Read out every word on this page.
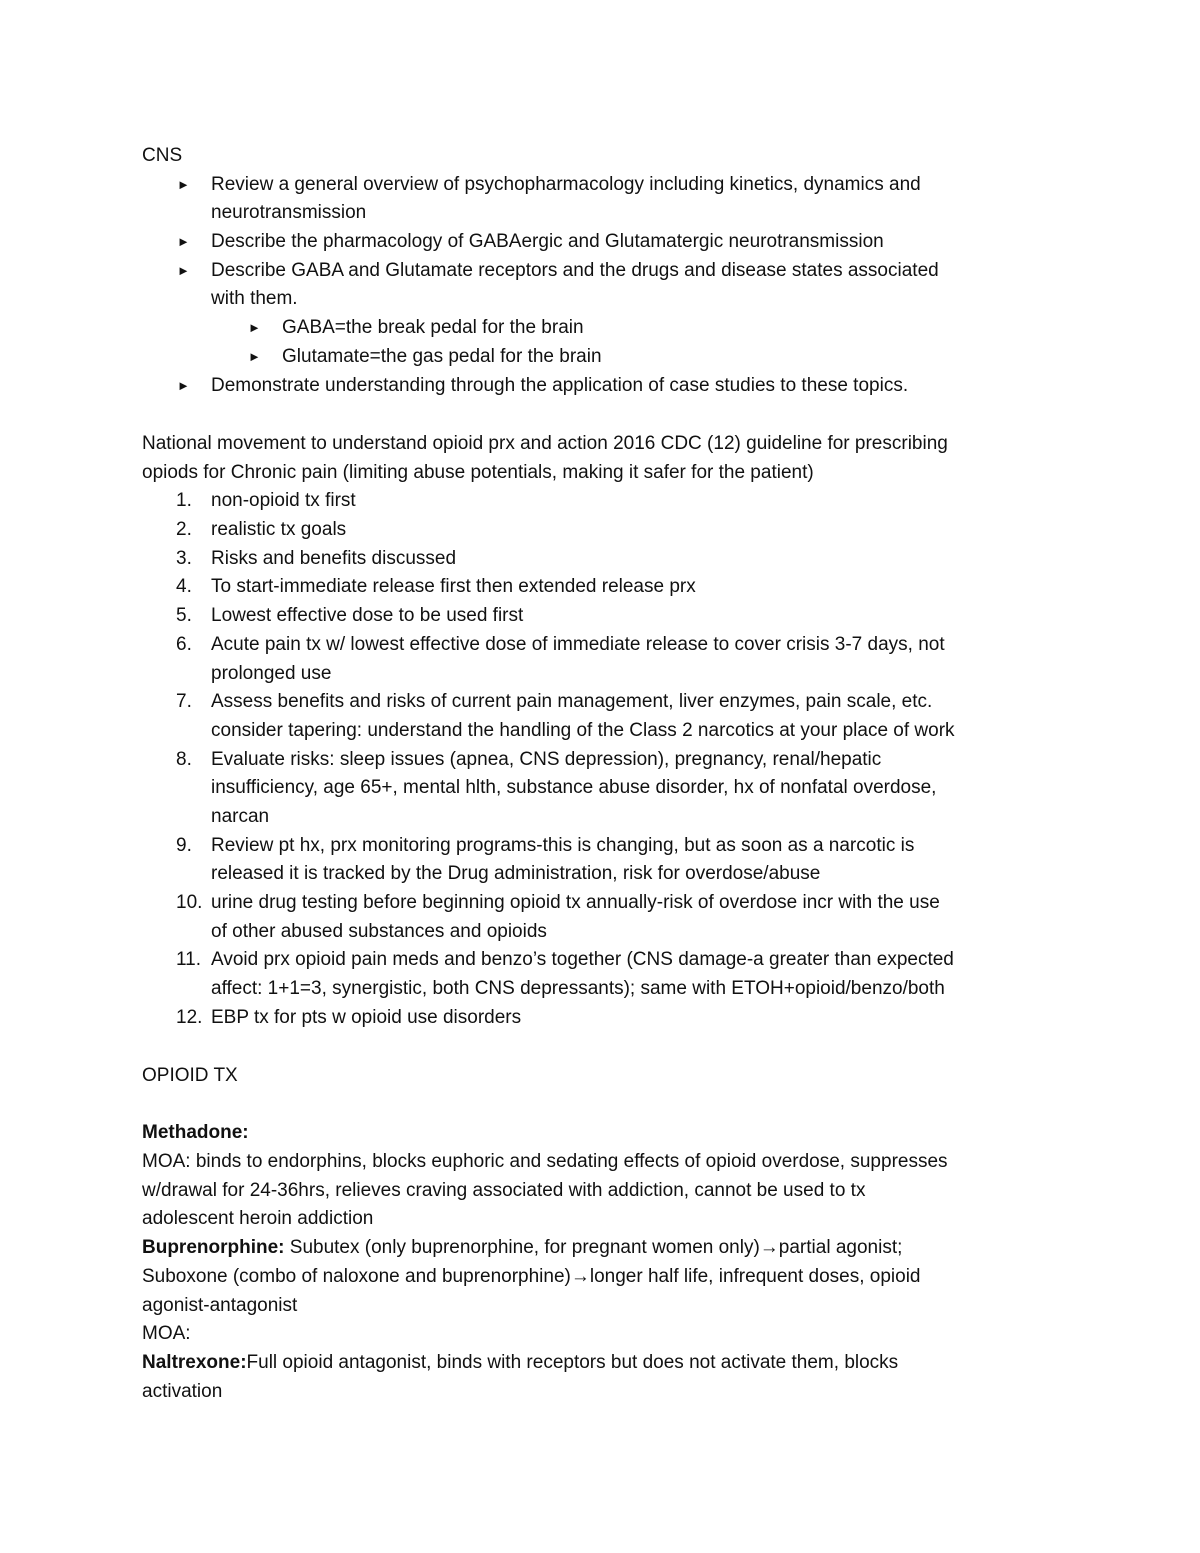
CNS
► Review a general overview of psychopharmacology including kinetics, dynamics and
neurotransmission
► Describe the pharmacology of GABAergic and Glutamatergic neurotransmission
► Describe GABA and Glutamate receptors and the drugs and disease states associated
with them.
► GABA=the break pedal for the brain
► Glutamate=the gas pedal for the brain
► Demonstrate understanding through the application of case studies to these topics.
National movement to understand opioid prx and action 2016 CDC (12) guideline for prescribing
opiods for Chronic pain (limiting abuse potentials, making it safer for the patient)
1. non-opioid tx first
2. realistic tx goals
3. Risks and benefits discussed
4. To start-immediate release first then extended release prx
5. Lowest effective dose to be used first
6. Acute pain tx w/ lowest effective dose of immediate release to cover crisis 3-7 days, not
prolonged use
7. Assess benefits and risks of current pain management, liver enzymes, pain scale, etc.
consider tapering: understand the handling of the Class 2 narcotics at your place of work
8. Evaluate risks: sleep issues (apnea, CNS depression), pregnancy, renal/hepatic
insufficiency, age 65+, mental hlth, substance abuse disorder, hx of nonfatal overdose,
narcan
9. Review pt hx, prx monitoring programs-this is changing, but as soon as a narcotic is
released it is tracked by the Drug administration, risk for overdose/abuse
10. urine drug testing before beginning opioid tx annually-risk of overdose incr with the use
of other abused substances and opioids
11. Avoid prx opioid pain meds and benzo’s together (CNS damage-a greater than expected
affect: 1+1=3, synergistic, both CNS depressants); same with ETOH+opioid/benzo/both
12. EBP tx for pts w opioid use disorders
OPIOID TX
Methadone:
MOA: binds to endorphins, blocks euphoric and sedating effects of opioid overdose, suppresses
w/drawal for 24-36hrs, relieves craving associated with addiction, cannot be used to tx
adolescent heroin addiction
Buprenorphine: Subutex (only buprenorphine, for pregnant women only)→partial agonist;
Suboxone (combo of naloxone and buprenorphine)→longer half life, infrequent doses, opioid
agonist-antagonist
MOA:
Naltrexone:Full opioid antagonist, binds with receptors but does not activate them, blocks
activation
